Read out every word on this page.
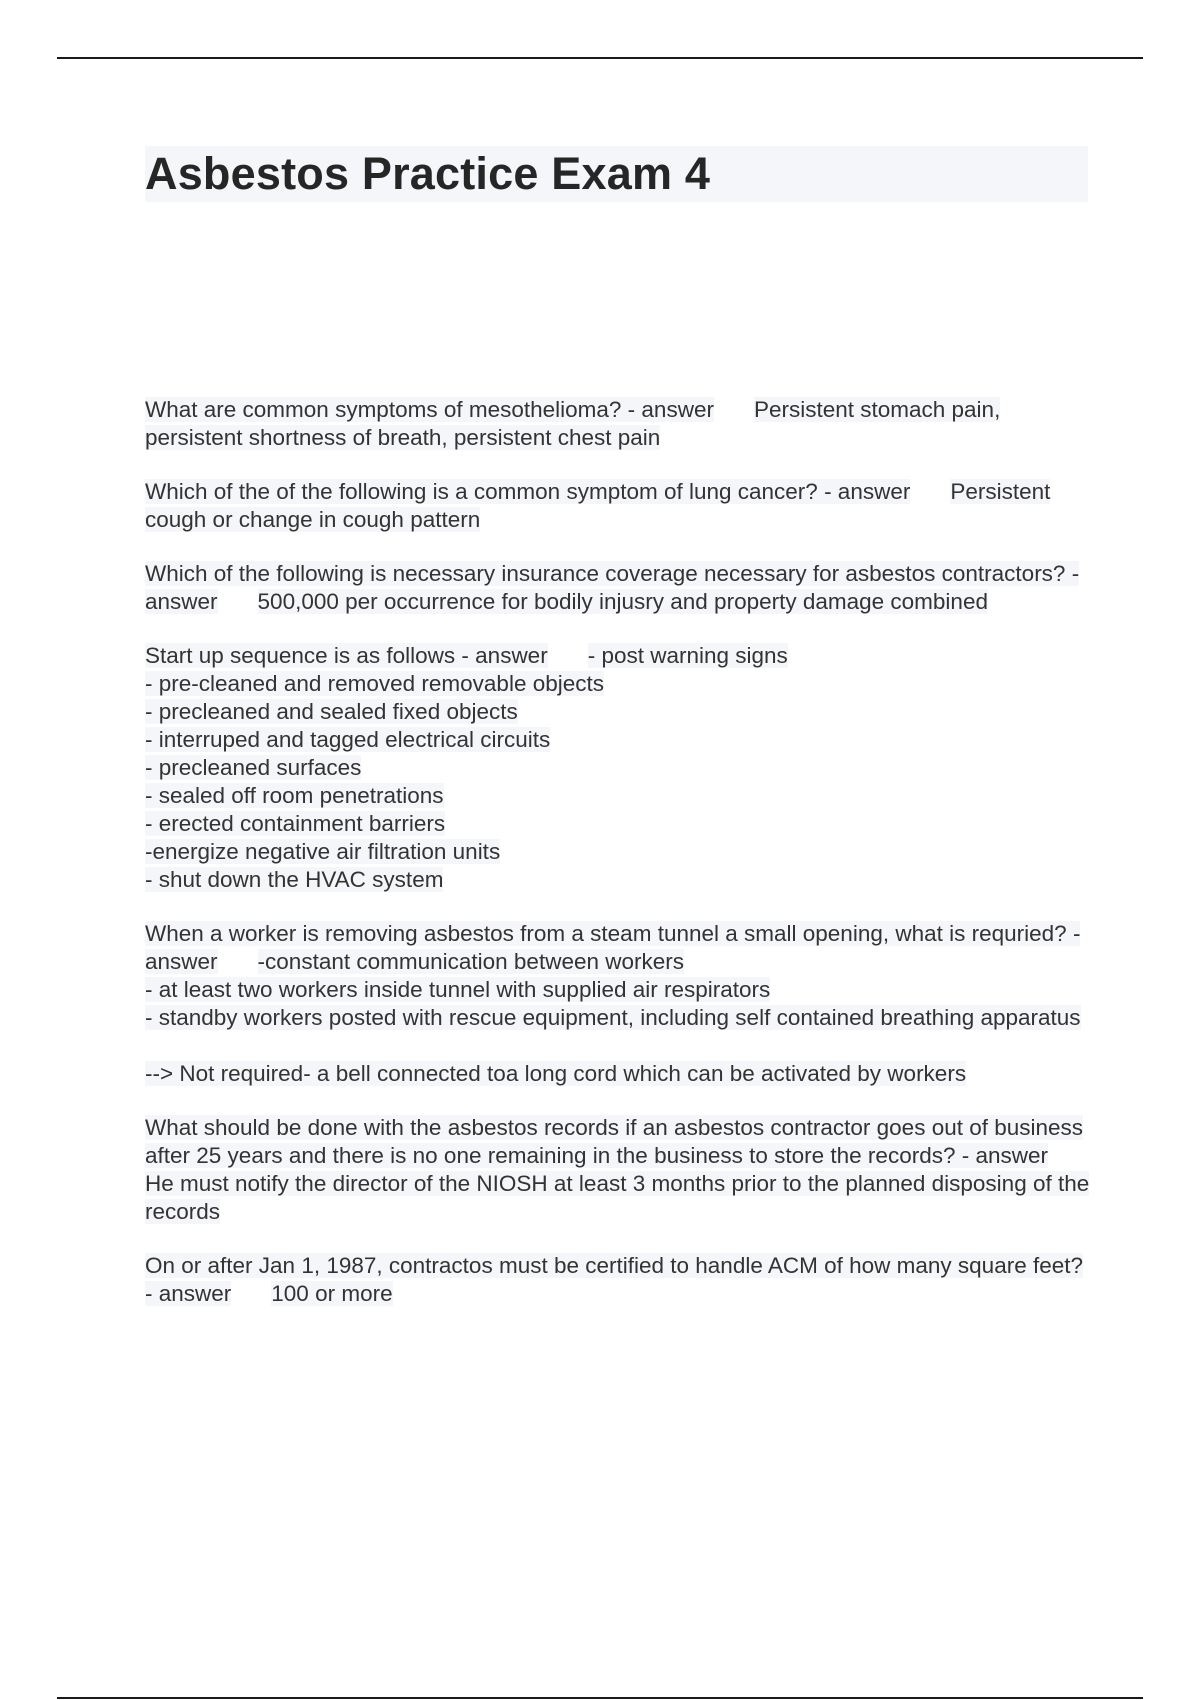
Asbestos Practice Exam 4

What are common symptoms of mesothelioma? - answer Persistent stomach pain, persistent shortness of breath, persistent chest pain

Which of the of the following is a common symptom of lung cancer? - answer Persistent cough or change in cough pattern

Which of the following is necessary insurance coverage necessary for asbestos contractors? - answer 500,000 per occurrence for bodily injusry and property damage combined

Start up sequence is as follows - answer - post warning signs
- pre-cleaned and removed removable objects
- precleaned and sealed fixed objects
- interruped and tagged electrical circuits
- precleaned surfaces
- sealed off room penetrations
- erected containment barriers
-energize negative air filtration units
- shut down the HVAC system

When a worker is removing asbestos from a steam tunnel a small opening, what is requried? - answer -constant communication between workers
- at least two workers inside tunnel with supplied air respirators
- standby workers posted with rescue equipment, including self contained breathing apparatus
--> Not required- a bell connected toa long cord which can be activated by workers

What should be done with the asbestos records if an asbestos contractor goes out of business after 25 years and there is no one remaining in the business to store the records? - answerHe must notify the director of the NIOSH at least 3 months prior to the planned disposing of the records

On or after Jan 1, 1987, contractos must be certified to handle ACM of how many square feet? - answer 100 or more
